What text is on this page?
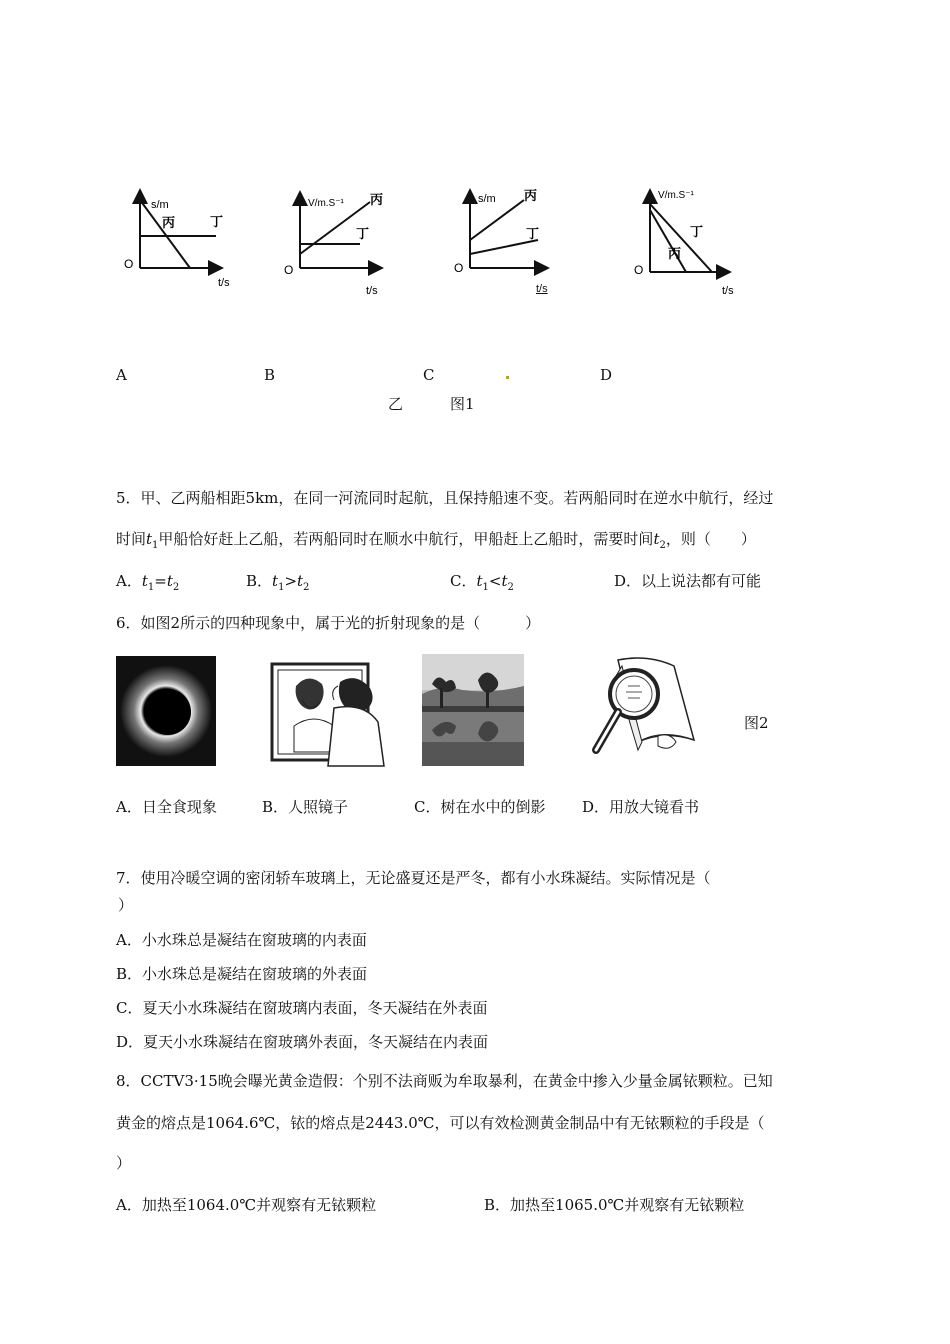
s/m
丙	丁
O
t/s
V/m.S⁻¹ 丙
丁
O
t/s
s/m 丙
丁
O
t/s
V/m.S⁻¹
丙
丁
O
t/s
A	B	C	D
乙	图1
5．甲、乙两船相距5km，在同一河流同时起航，且保持船速不变。若两船同时在逆水中航行，经过
时间$t_1$甲船恰好赶上乙船，若两船同时在顺水中航行，甲船赶上乙船时，需要时间$t_2$，则（　　）
A．$t_1=t_2$	B．$t_1>t_2$	C．$t_1<t_2$	D．以上说法都有可能
6．如图2所示的四种现象中，属于光的折射现象的是（　　　）
图2
A．日全食现象	B．人照镜子	C．树在水中的倒影 D．用放大镜看书
7．使用冷暖空调的密闭轿车玻璃上，无论盛夏还是严冬，都有小水珠凝结。实际情况是（
）
A．小水珠总是凝结在窗玻璃的内表面
B．小水珠总是凝结在窗玻璃的外表面
C．夏天小水珠凝结在窗玻璃内表面，冬天凝结在外表面
D．夏天小水珠凝结在窗玻璃外表面，冬天凝结在内表面
8．CCTV3·15晚会曝光黄金造假：个别不法商贩为牟取暴利，在黄金中掺入少量金属铱颗粒。已知
黄金的熔点是1064.6℃，铱的熔点是2443.0℃，可以有效检测黄金制品中有无铱颗粒的手段是（
）
A．加热至1064.0℃并观察有无铱颗粒	B．加热至1065.0℃并观察有无铱颗粒
